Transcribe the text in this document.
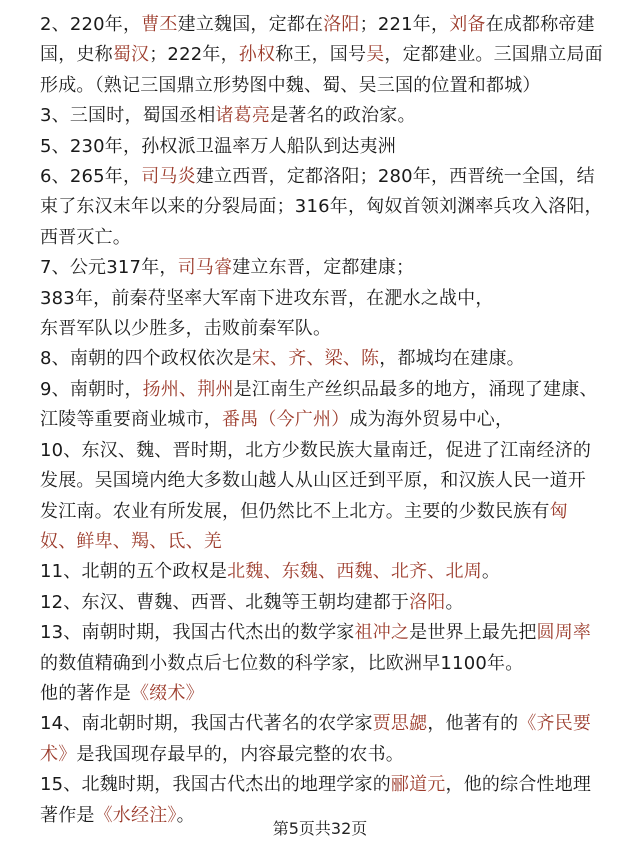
2、220年，曹丕建立魏国，定都在洛阳；221年，刘备在成都称帝建
国，史称蜀汉；222年，孙权称王，国号吴，定都建业。三国鼎立局面
形成。（熟记三国鼎立形势图中魏、蜀、吴三国的位置和都城）
3、三国时，蜀国丞相诸葛亮是著名的政治家。
5、230年，孙权派卫温率万人船队到达夷洲
6、265年，司马炎建立西晋，定都洛阳；280年，西晋统一全国，结
束了东汉末年以来的分裂局面；316年，匈奴首领刘渊率兵攻入洛阳，
西晋灭亡。
7、公元317年，司马睿建立东晋，定都建康；
383年，前秦苻坚率大军南下进攻东晋，在淝水之战中，
东晋军队以少胜多，击败前秦军队。
8、南朝的四个政权依次是宋、齐、梁、陈，都城均在建康。
9、南朝时，扬州、荆州是江南生产丝织品最多的地方，涌现了建康、
江陵等重要商业城市，番禺（今广州）成为海外贸易中心，
10、东汉、魏、晋时期，北方少数民族大量南迁，促进了江南经济的
发展。吴国境内绝大多数山越人从山区迁到平原，和汉族人民一道开
发江南。农业有所发展，但仍然比不上北方。主要的少数民族有匈
奴、鲜卑、羯、氐、羌
11、北朝的五个政权是北魏、东魏、西魏、北齐、北周。
12、东汉、曹魏、西晋、北魏等王朝均建都于洛阳。
13、南朝时期，我国古代杰出的数学家祖冲之是世界上最先把圆周率
的数值精确到小数点后七位数的科学家，比欧洲早1100年。
他的著作是《缀术》
14、南北朝时期，我国古代著名的农学家贾思勰，他著有的《齐民要
术》是我国现存最早的，内容最完整的农书。
15、北魏时期，我国古代杰出的地理学家的郦道元，他的综合性地理
著作是《水经注》。
第5页共32页
